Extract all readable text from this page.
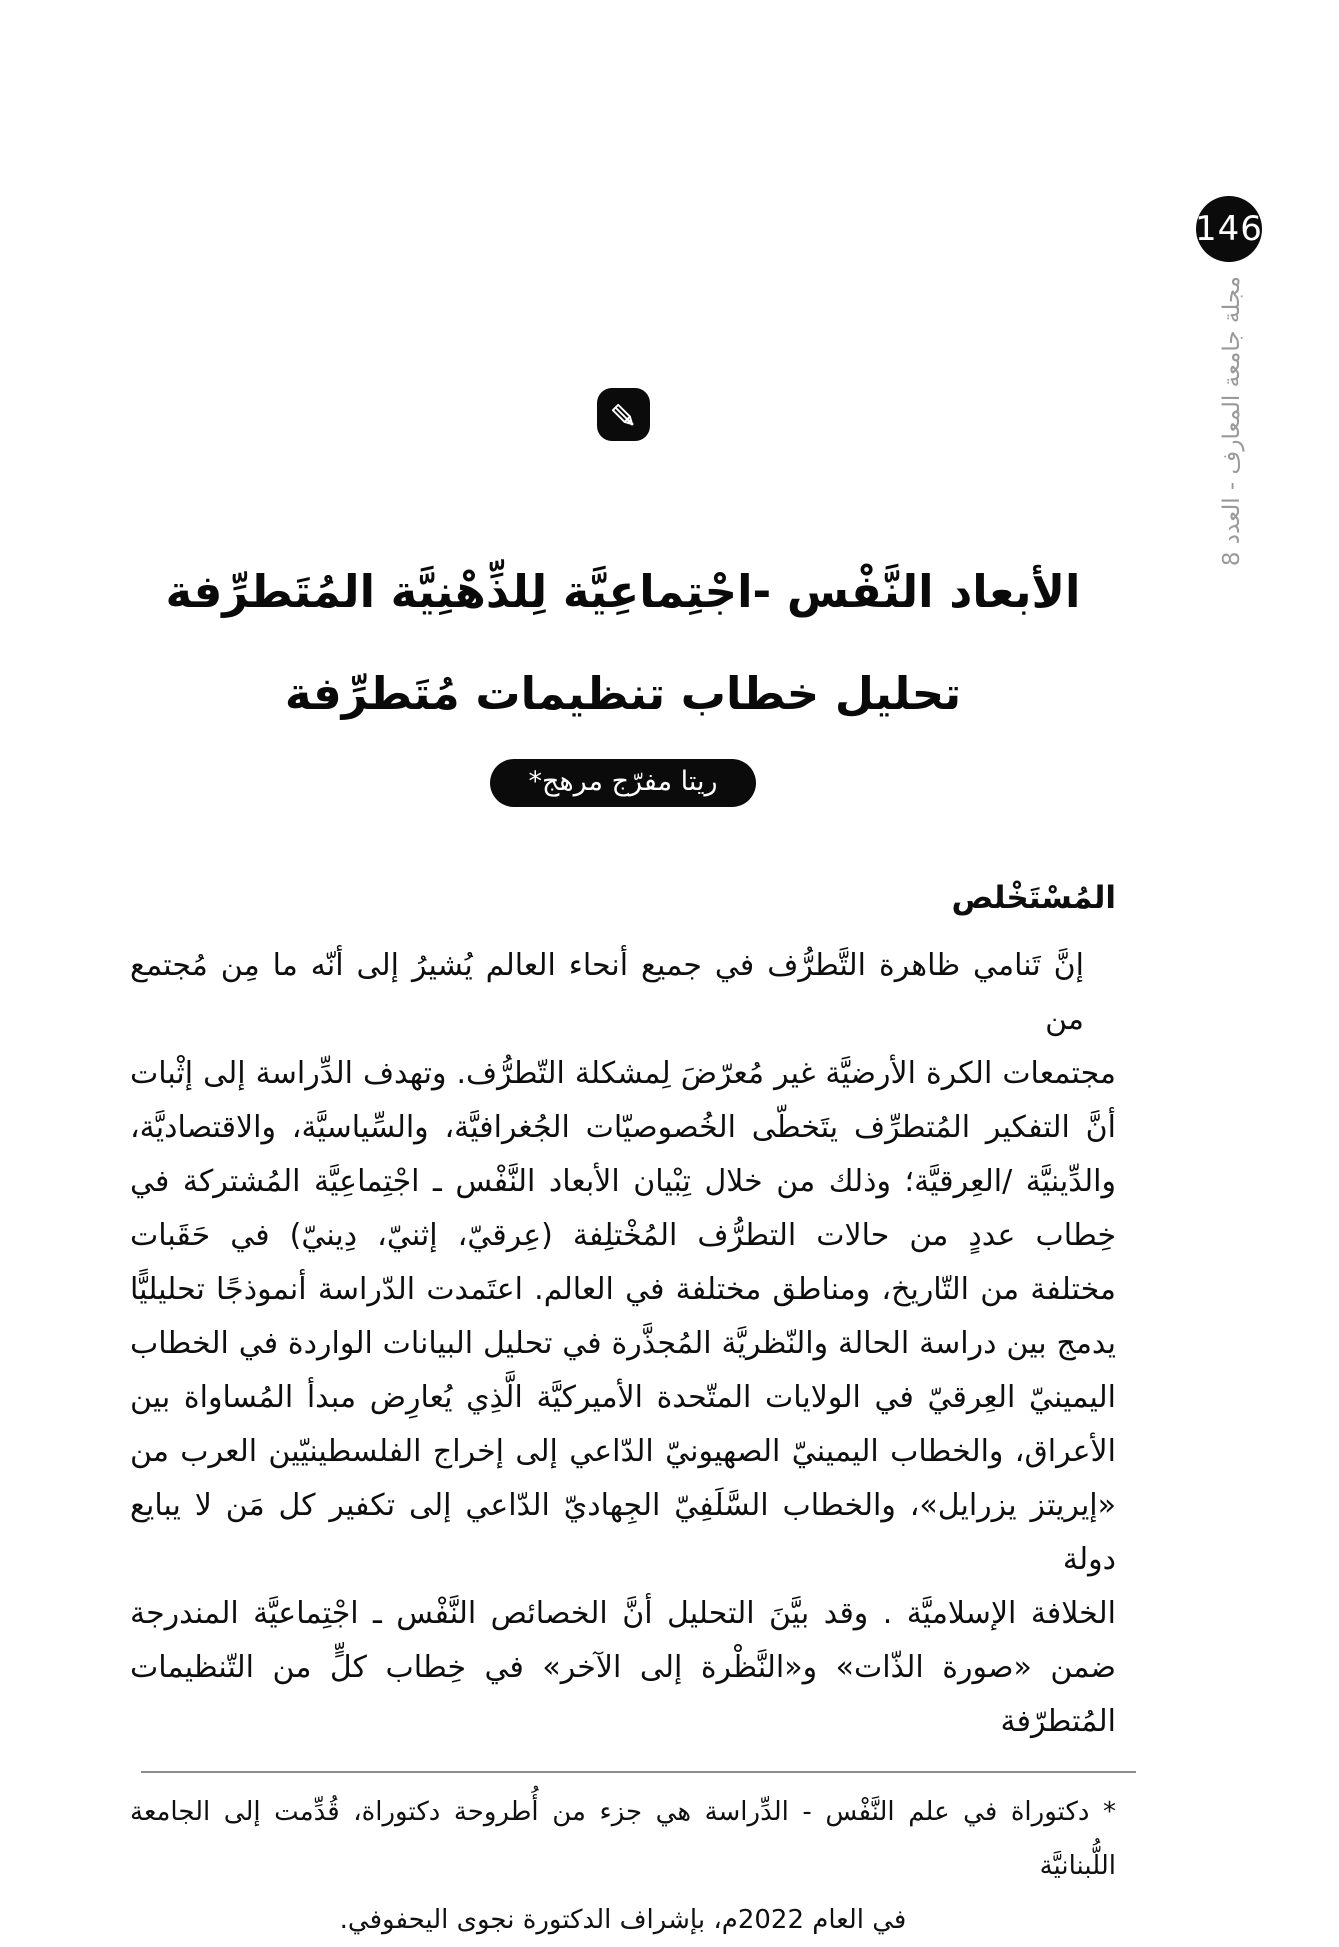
146
مجلة جامعة المعارف - العدد 8
الأبعاد النَّفْس -اجْتِماعِيَّة لِلذِّهْنِيَّة المُتَطرِّفة
تحليل خطاب تنظيمات مُتَطرِّفة
ريتا مفرّج مرهج*
المُسْتَخْلص
إنَّ تَنامي ظاهرة التَّطرُّف في جميع أنحاء العالم يُشيرُ إلى أنّه ما مِن مُجتمع من
مجتمعات الكرة الأرضيَّة غير مُعرّضَ لِمشكلة التّطرُّف. وتهدف الدِّراسة إلى إثْبات
أنَّ التفكير المُتطرِّف يتَخطّى الخُصوصيّات الجُغرافيَّة، والسِّياسيَّة، والاقتصاديَّة،
والدِّينيَّة /العِرقيَّة؛ وذلك من خلال تِبْيان الأبعاد النَّفْس ـ اجْتِماعِيَّة المُشتركة في
خِطاب عددٍ من حالات التطرُّف المُخْتلِفة (عِرقيّ، إثنيّ، دِينيّ) في حَقَبات
مختلفة من التّاريخ، ومناطق مختلفة في العالم. اعتَمدت الدّراسة أنموذجًا تحليليًّا
يدمج بين دراسة الحالة والنّظريَّة المُجذَّرة في تحليل البيانات الواردة في الخطاب
اليمينيّ العِرقيّ في الولايات المتّحدة الأميركيَّة الَّذِي يُعارِض مبدأ المُساواة بين
الأعراق، والخطاب اليمينيّ الصهيونيّ الدّاعي إلى إخراج الفلسطينيّين العرب من
«إيريتز يزرايل»، والخطاب السَّلَفِيّ الجِهاديّ الدّاعي إلى تكفير كل مَن لا يبايع دولة
الخلافة الإسلاميَّة . وقد بيَّنَ التحليل أنَّ الخصائص النَّفْس ـ اجْتِماعيَّة المندرجة
ضمن «صورة الذّات» و«النَّظْرة إلى الآخر» في خِطاب كلٍّ من التّنظيمات المُتطرّفة
* دكتوراة في علم النَّفْس - الدِّراسة هي جزء من أُطروحة دكتوراة، قُدِّمت إلى الجامعة اللُّبنانيَّة
في العام 2022م، بإشراف الدكتورة نجوى اليحفوفي.
